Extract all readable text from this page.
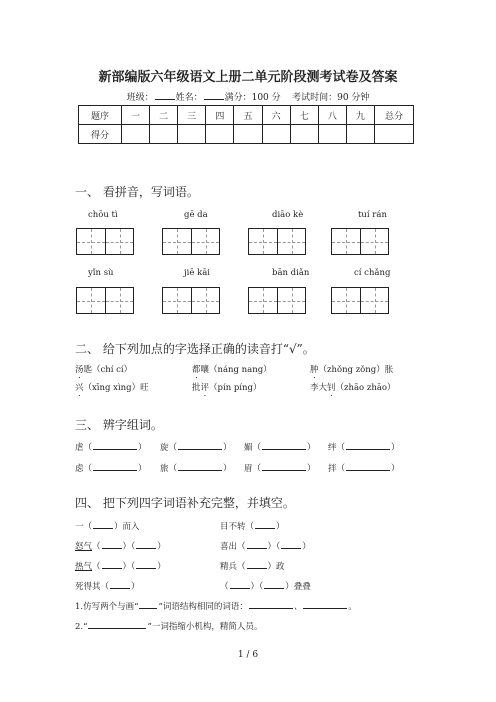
新部编版六年级语文上册二单元阶段测考试卷及答案
班级： 姓名： 满分：100 分 考试时间：90 分钟
题序	一	二	三	四	五	六	七	八	九	总分
得分										
一、 看拼音，写词语。
chōu tì	gē da	diāo kè	tuí rán
yǐn sù	jiē kāi	bān diǎn	cí chǎng
二、 给下列加点的字选择正确的读音打“√”。
汤匙（chí cí）	都嚷（náng nang）	肿（zhǒng zǒng）胀
兴（xīng xìng）旺	批评（pín píng）	李大钊（zhāo zhāo）
三、 辨字组词。
虐（	） 旋（	） 媚（	） 绊（	）
虑（	） 旅（	） 眉（	） 拌（	）
四、 把下列四字词语补充完整，并填空。
一（	）而入	目不转（	）
怒气（	）（	）	喜出（	）（	）
热气（	）（	）	精兵（	）政
死得其（	）	（	）（	）叠叠
1.仿写两个与画“ ”词语结构相同的词语：	、	。
2.“	”一词指缩小机构，精简人员。
1 / 6
